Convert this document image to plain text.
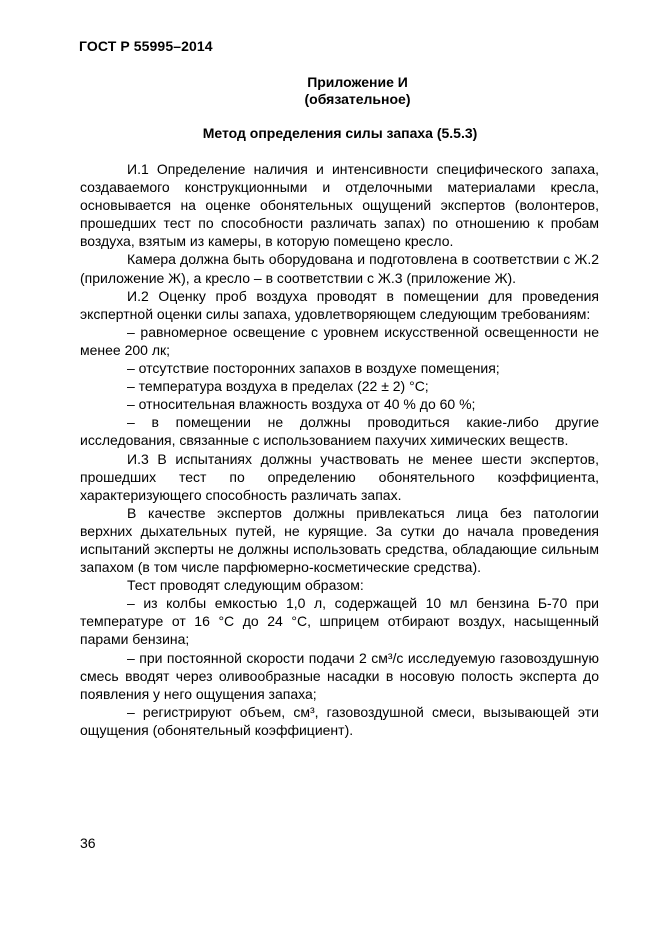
ГОСТ Р 55995–2014
Приложение И
(обязательное)
Метод определения силы запаха (5.5.3)

И.1 Определение наличия и интенсивности специфического запаха, создаваемого конструкционными и отделочными материалами кресла, основывается на оценке обонятельных ощущений экспертов (волонтеров, прошедших тест по способности различать запах) по отношению к пробам воздуха, взятым из камеры, в которую помещено кресло.

Камера должна быть оборудована и подготовлена в соответствии с Ж.2 (приложение Ж), а кресло – в соответствии с Ж.3 (приложение Ж).

И.2 Оценку проб воздуха проводят в помещении для проведения экспертной оценки силы запаха, удовлетворяющем следующим требованиям:

– равномерное освещение с уровнем искусственной освещенности не менее 200 лк;

– отсутствие посторонних запахов в воздухе помещения;

– температура воздуха в пределах (22 ± 2) °С;

– относительная влажность воздуха от 40 % до 60 %;

– в помещении не должны проводиться какие-либо другие исследования, связанные с использованием пахучих химических веществ.

И.3 В испытаниях должны участвовать не менее шести экспертов, прошедших тест по определению обонятельного коэффициента, характеризующего способность различать запах.

В качестве экспертов должны привлекаться лица без патологии верхних дыхательных путей, не курящие. За сутки до начала проведения испытаний эксперты не должны использовать средства, обладающие сильным запахом (в том числе парфюмерно-косметические средства).

Тест проводят следующим образом:

– из колбы емкостью 1,0 л, содержащей 10 мл бензина Б-70 при температуре от 16 °С до 24 °С, шприцем отбирают воздух, насыщенный парами бензина;

– при постоянной скорости подачи 2 см³/с исследуемую газовоздушную смесь вводят через оливообразные насадки в носовую полость эксперта до появления у него ощущения запаха;

– регистрируют объем, см³, газовоздушной смеси, вызывающей эти ощущения (обонятельный коэффициент).

36
